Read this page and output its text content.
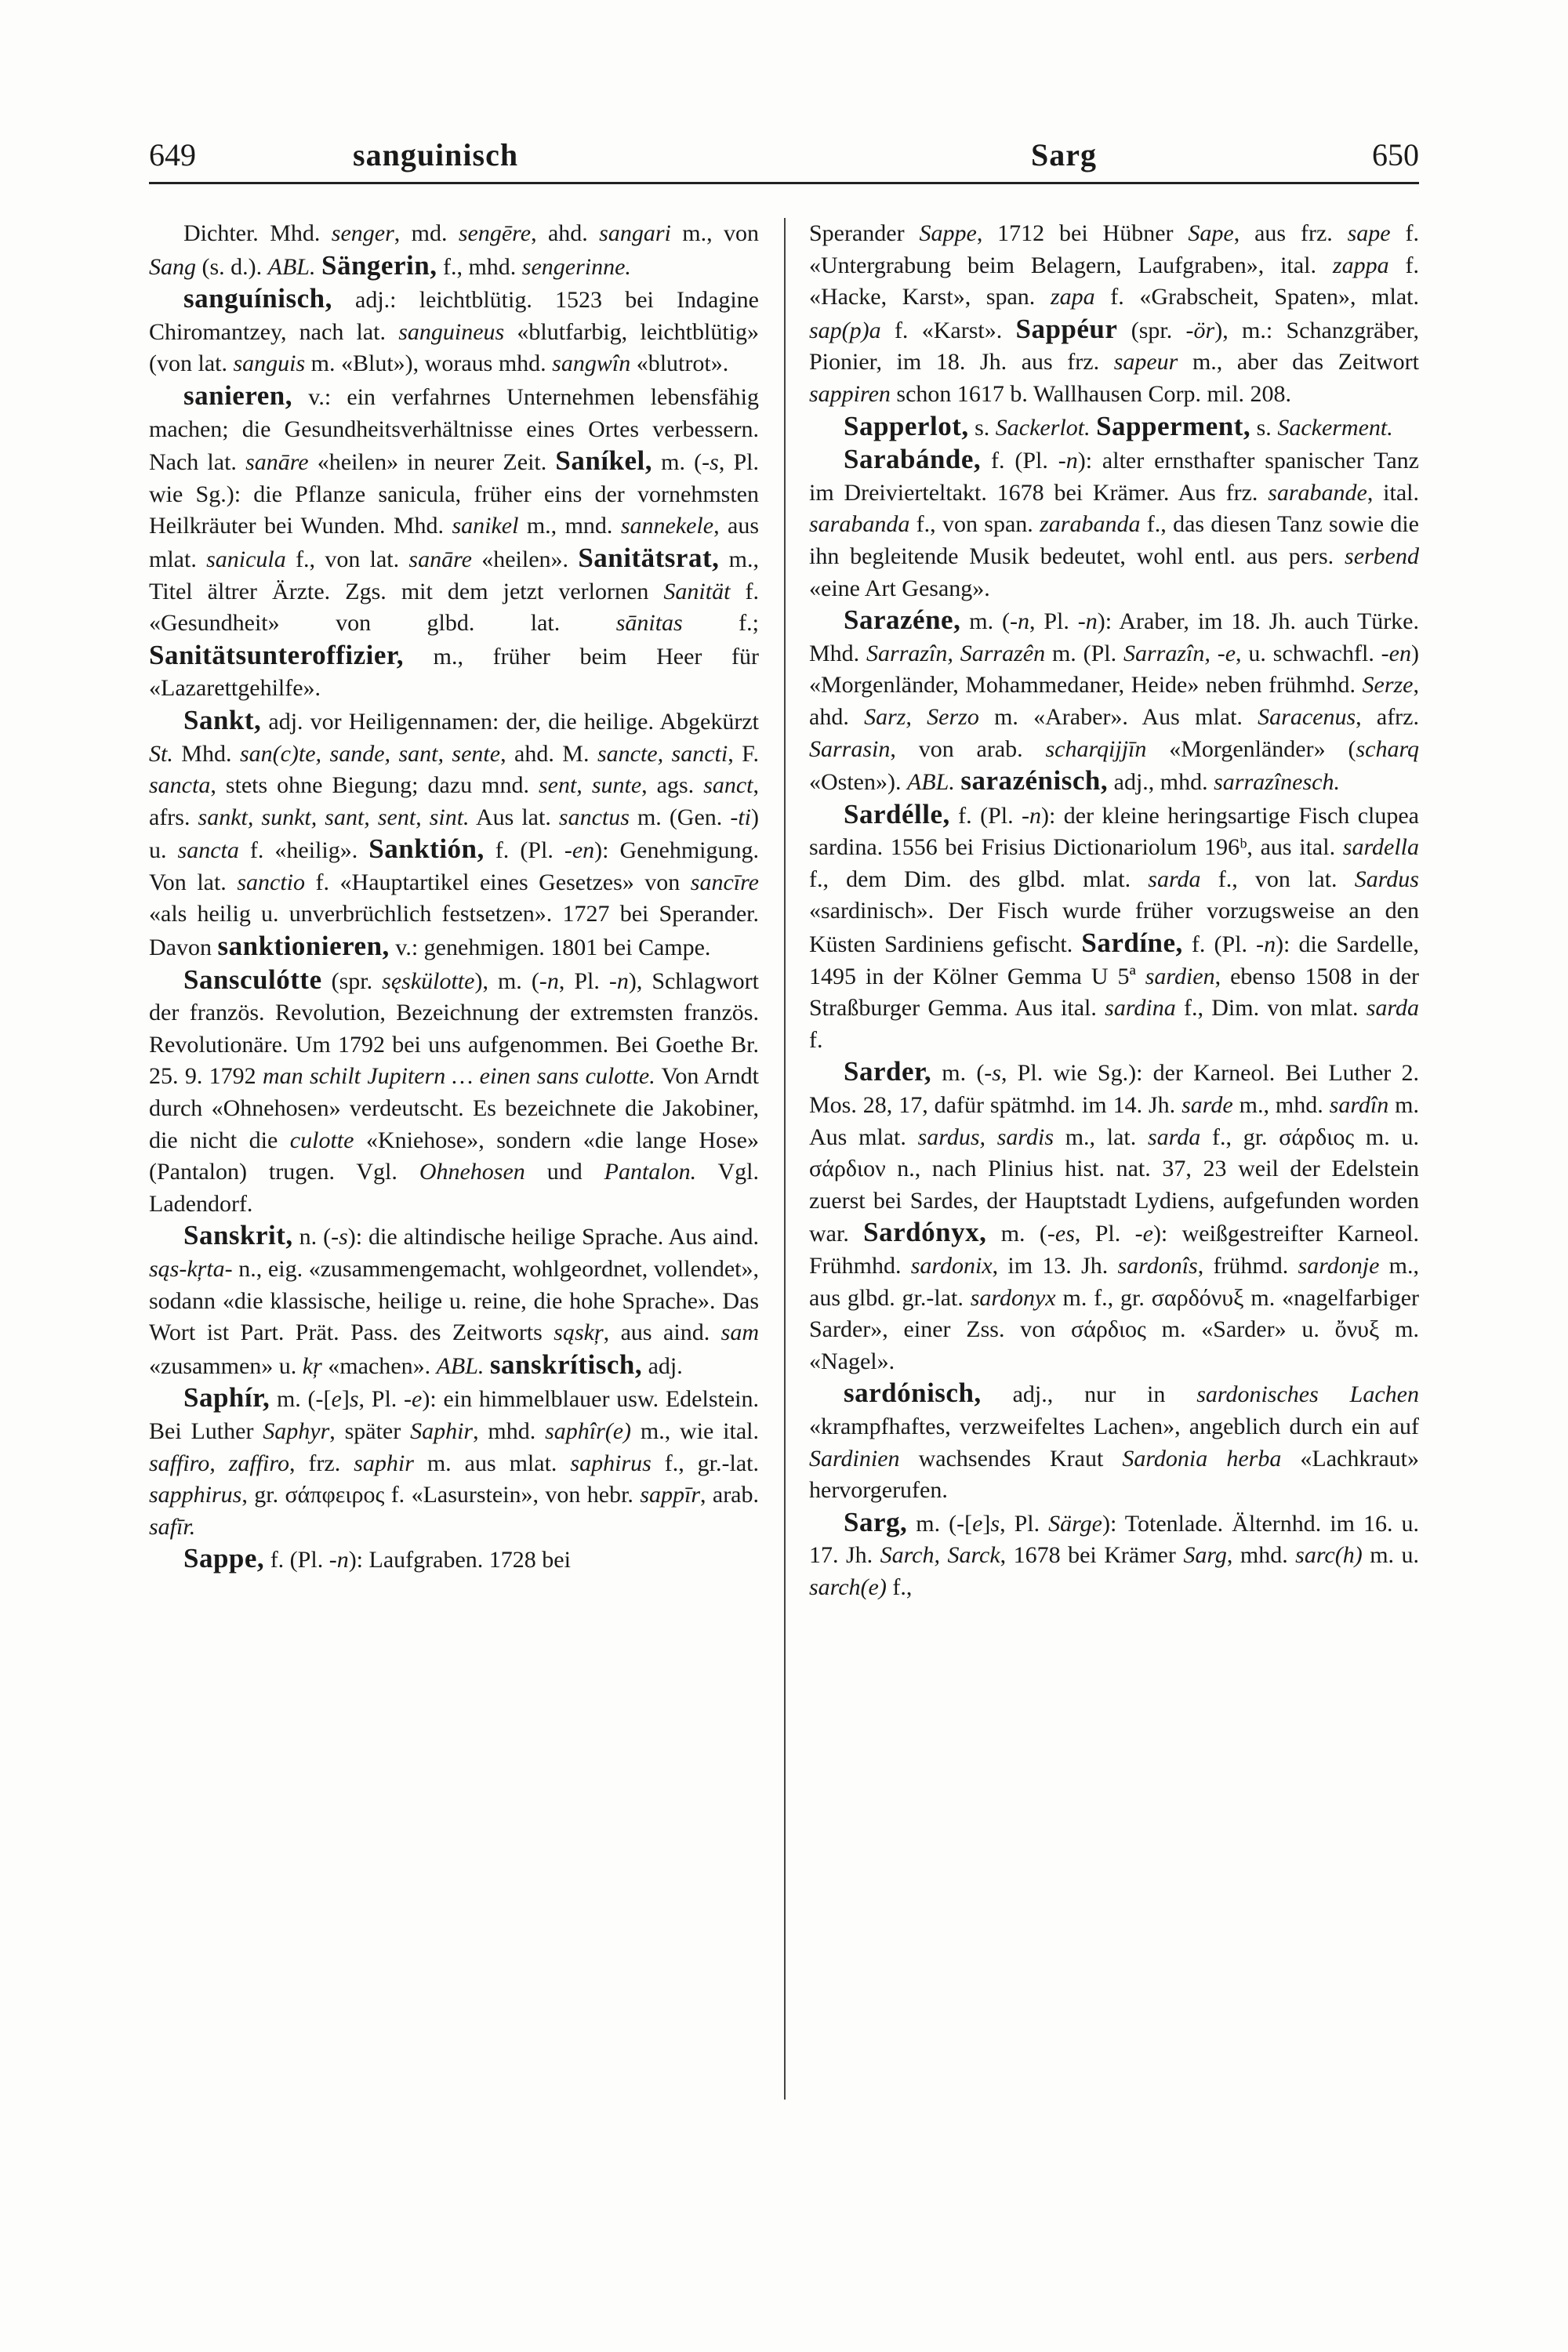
649	sanguinisch	Sarg	650

Dichter. Mhd. senger, md. sengēre, ahd. sangari m., von Sang (s. d.). ABL. Sängerin, f., mhd. sengerinne.

sanguínisch, adj.: leichtblütig. 1523 bei Indagine Chiromantzey, nach lat. sanguineus «blutfarbig, leichtblütig» (von lat. sanguis m. «Blut»), woraus mhd. sangwîn «blutrot».

sanieren, v.: ein verfahrnes Unternehmen lebensfähig machen; die Gesundheitsverhältnisse eines Ortes verbessern. Nach lat. sanāre «heilen» in neurer Zeit. Saníkel, m. (-s, Pl. wie Sg.): die Pflanze sanicula, früher eins der vornehmsten Heilkräuter bei Wunden. Mhd. sanikel m., mnd. sannekele, aus mlat. sanicula f., von lat. sanāre «heilen». Sanitätsrat, m., Titel ältrer Ärzte. Zgs. mit dem jetzt verlornen Sanität f. «Gesundheit» von glbd. lat. sānitas f.; Sanitätsunteroffizier, m., früher beim Heer für «Lazarettgehilfe».

Sankt, adj. vor Heiligennamen: der, die heilige. Abgekürzt St. Mhd. san(c)te, sande, sant, sente, ahd. M. sancte, sancti, F. sancta, stets ohne Biegung; dazu mnd. sent, sunte, ags. sanct, afrs. sankt, sunkt, sant, sent, sint. Aus lat. sanctus m. (Gen. -ti) u. sancta f. «heilig». Sanktión, f. (Pl. -en): Genehmigung. Von lat. sanctio f. «Hauptartikel eines Gesetzes» von sancīre «als heilig u. unverbrüchlich festsetzen». 1727 bei Sperander. Davon sanktionieren, v.: genehmigen. 1801 bei Campe.

Sansculótte (spr. sęskülotte), m. (-n, Pl. -n), Schlagwort der französ. Revolution, Bezeichnung der extremsten französ. Revolutionäre. Um 1792 bei uns aufgenommen. Bei Goethe Br. 25. 9. 1792 man schilt Jupitern … einen sans culotte. Von Arndt durch «Ohnehosen» verdeutscht. Es bezeichnete die Jakobiner, die nicht die culotte «Kniehose», sondern «die lange Hose» (Pantalon) trugen. Vgl. Ohnehosen und Pantalon. Vgl. Ladendorf.

Sanskrit, n. (-s): die altindische heilige Sprache. Aus aind. sąs-kŗta- n., eig. «zusammengemacht, wohlgeordnet, vollendet», sodann «die klassische, heilige u. reine, die hohe Sprache». Das Wort ist Part. Prät. Pass. des Zeitworts sąskŗ, aus aind. sam «zusammen» u. kŗ «machen». ABL. sanskrítisch, adj.

Saphír, m. (-[e]s, Pl. -e): ein himmelblauer usw. Edelstein. Bei Luther Saphyr, später Saphir, mhd. saphîr(e) m., wie ital. saffiro, zaffiro, frz. saphir m. aus mlat. saphirus f., gr.-lat. sapphirus, gr. σάπφειρος f. «Lasurstein», von hebr. sappīr, arab. safīr.

Sappe, f. (Pl. -n): Laufgraben. 1728 bei

Sperander Sappe, 1712 bei Hübner Sape, aus frz. sape f. «Untergrabung beim Belagern, Laufgraben», ital. zappa f. «Hacke, Karst», span. zapa f. «Grabscheit, Spaten», mlat. sap(p)a f. «Karst». Sappéur (spr. -ör), m.: Schanzgräber, Pionier, im 18. Jh. aus frz. sapeur m., aber das Zeitwort sappiren schon 1617 b. Wallhausen Corp. mil. 208.

Sapperlot, s. Sackerlot. Sapperment, s. Sackerment.

Sarabánde, f. (Pl. -n): alter ernsthafter spanischer Tanz im Dreivierteltakt. 1678 bei Krämer. Aus frz. sarabande, ital. sarabanda f., von span. zarabanda f., das diesen Tanz sowie die ihn begleitende Musik bedeutet, wohl entl. aus pers. serbend «eine Art Gesang».

Sarazéne, m. (-n, Pl. -n): Araber, im 18. Jh. auch Türke. Mhd. Sarrazîn, Sarrazên m. (Pl. Sarrazîn, -e, u. schwachfl. -en) «Morgenländer, Mohammedaner, Heide» neben frühmhd. Serze, ahd. Sarz, Serzo m. «Araber». Aus mlat. Saracenus, afrz. Sarrasin, von arab. scharqijjīn «Morgenländer» (scharq «Osten»). ABL. sarazénisch, adj., mhd. sarrazînesch.

Sardélle, f. (Pl. -n): der kleine heringsartige Fisch clupea sardina. 1556 bei Frisius Dictionariolum 196ᵇ, aus ital. sardella f., dem Dim. des glbd. mlat. sarda f., von lat. Sardus «sardinisch». Der Fisch wurde früher vorzugsweise an den Küsten Sardiniens gefischt. Sardíne, f. (Pl. -n): die Sardelle, 1495 in der Kölner Gemma U 5ª sardien, ebenso 1508 in der Straßburger Gemma. Aus ital. sardina f., Dim. von mlat. sarda f.

Sarder, m. (-s, Pl. wie Sg.): der Karneol. Bei Luther 2. Mos. 28, 17, dafür spätmhd. im 14. Jh. sarde m., mhd. sardîn m. Aus mlat. sardus, sardis m., lat. sarda f., gr. σάρδιος m. u. σάρδιον n., nach Plinius hist. nat. 37, 23 weil der Edelstein zuerst bei Sardes, der Hauptstadt Lydiens, aufgefunden worden war. Sardónyx, m. (-es, Pl. -e): weißgestreifter Karneol. Frühmhd. sardonix, im 13. Jh. sardonîs, frühmd. sardonje m., aus glbd. gr.-lat. sardonyx m. f., gr. σαρδόνυξ m. «nagelfarbiger Sarder», einer Zss. von σάρδιος m. «Sarder» u. ὄνυξ m. «Nagel».

sardónisch, adj., nur in sardonisches Lachen «krampfhaftes, verzweifeltes Lachen», angeblich durch ein auf Sardinien wachsendes Kraut Sardonia herba «Lachkraut» hervorgerufen.

Sarg, m. (-[e]s, Pl. Särge): Totenlade. Älternhd. im 16. u. 17. Jh. Sarch, Sarck, 1678 bei Krämer Sarg, mhd. sarc(h) m. u. sarch(e) f.,
